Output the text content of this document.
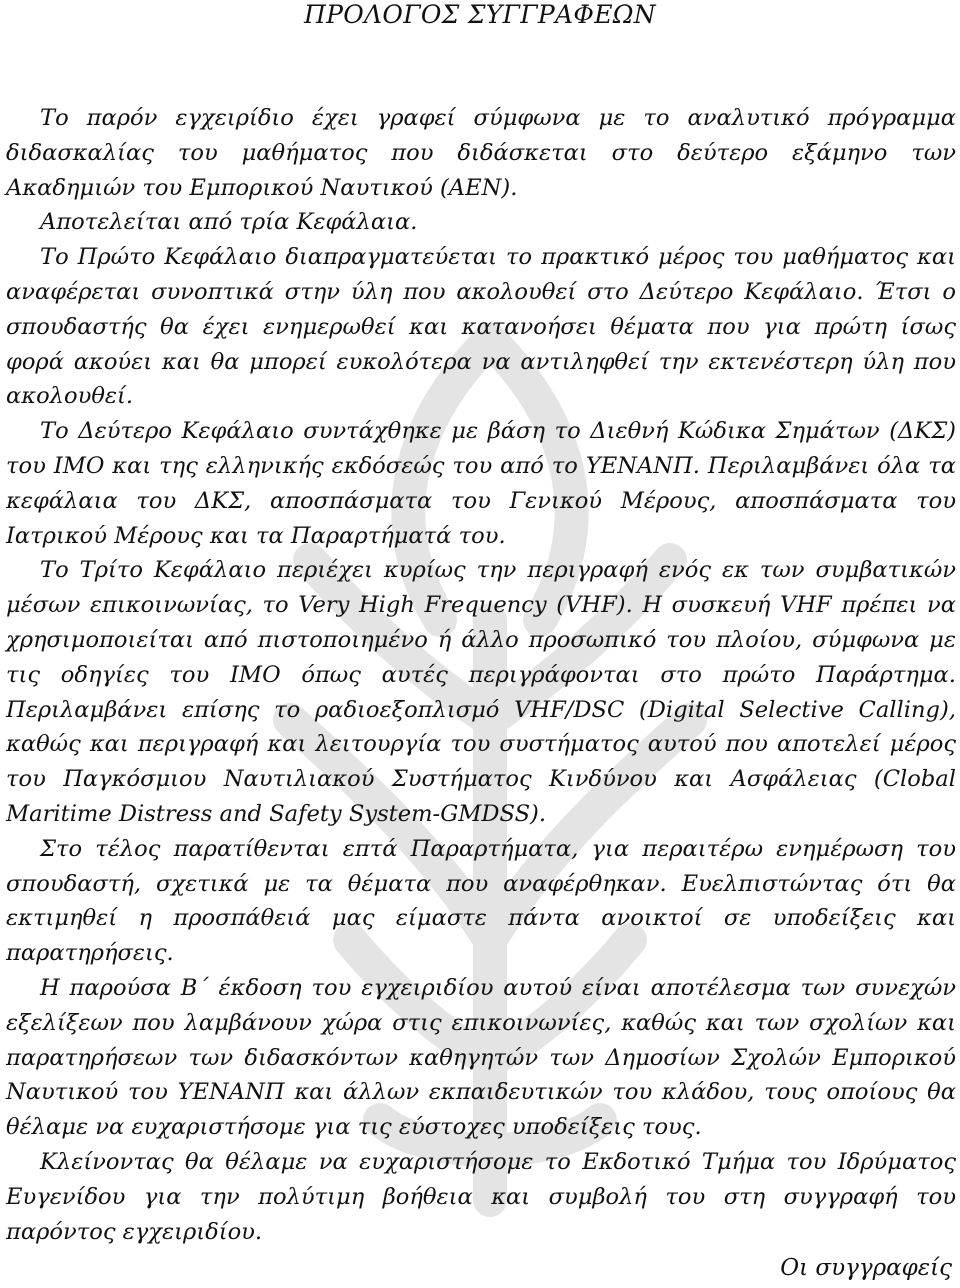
ΠΡΟΛΟΓΟΣ ΣΥΓΓΡΑΦΕΩΝ

Το παρόν εγχειρίδιο έχει γραφεί σύμφωνα με το αναλυτικό πρόγραμμα διδασκαλίας του μαθήματος που διδάσκεται στο δεύτερο εξάμηνο των Ακαδημιών του Εμπορικού Ναυτικού (ΑΕΝ).

Αποτελείται από τρία Κεφάλαια.

Το Πρώτο Κεφάλαιο διαπραγματεύεται το πρακτικό μέρος του μαθήματος και αναφέρεται συνοπτικά στην ύλη που ακολουθεί στο Δεύτερο Κεφάλαιο. Έτσι ο σπουδαστής θα έχει ενημερωθεί και κατανοήσει θέματα που για πρώτη ίσως φορά ακούει και θα μπορεί ευκολότερα να αντιληφθεί την εκτενέστερη ύλη που ακολουθεί.

Το Δεύτερο Κεφάλαιο συντάχθηκε με βάση το Διεθνή Κώδικα Σημάτων (ΔΚΣ) του ΙΜΟ και της ελληνικής εκδόσεώς του από το ΥΕΝΑΝΠ. Περιλαμβάνει όλα τα κεφάλαια του ΔΚΣ, αποσπάσματα του Γενικού Μέρους, αποσπάσματα του Ιατρικού Μέρους και τα Παραρτήματά του.

Το Τρίτο Κεφάλαιο περιέχει κυρίως την περιγραφή ενός εκ των συμβατικών μέσων επικοινωνίας, το Very High Frequency (VHF). Η συσκευή VHF πρέπει να χρησιμοποιείται από πιστοποιημένο ή άλλο προσωπικό του πλοίου, σύμφωνα με τις οδηγίες του ΙΜΟ όπως αυτές περιγράφονται στο πρώτο Παράρτημα. Περιλαμβάνει επίσης το ραδιοεξοπλισμό VHF/DSC (Digital Selective Calling), καθώς και περιγραφή και λειτουργία του συστήματος αυτού που αποτελεί μέρος του Παγκόσμιου Ναυτιλιακού Συστήματος Κινδύνου και Ασφάλειας (Clobal Maritime Distress and Safety System-GMDSS).

Στο τέλος παρατίθενται επτά Παραρτήματα, για περαιτέρω ενημέρωση του σπουδαστή, σχετικά με τα θέματα που αναφέρθηκαν. Ευελπιστώντας ότι θα εκτιμηθεί η προσπάθειά μας είμαστε πάντα ανοικτοί σε υποδείξεις και παρατηρήσεις.

Η παρούσα Β΄ έκδοση του εγχειριδίου αυτού είναι αποτέλεσμα των συνεχών εξελίξεων που λαμβάνουν χώρα στις επικοινωνίες, καθώς και των σχολίων και παρατηρήσεων των διδασκόντων καθηγητών των Δημοσίων Σχολών Εμπορικού Ναυτικού του ΥΕΝΑΝΠ και άλλων εκπαιδευτικών του κλάδου, τους οποίους θα θέλαμε να ευχαριστήσομε για τις εύστοχες υποδείξεις τους.

Κλείνοντας θα θέλαμε να ευχαριστήσομε το Εκδοτικό Τμήμα του Ιδρύματος Ευγενίδου για την πολύτιμη βοήθεια και συμβολή του στη συγγραφή του παρόντος εγχειριδίου.

Οι συγγραφείς
